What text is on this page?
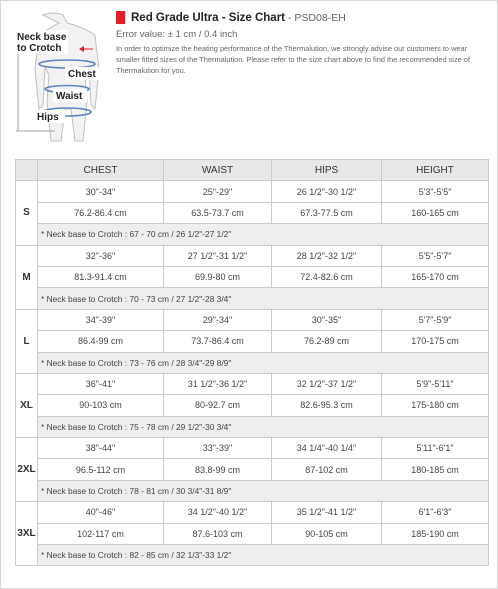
Neck base
to Crotch
Chest
Waist
Hips
Red Grade Ultra - Size Chart - PSD08-EH
Error value: ± 1 cm / 0.4 inch
In order to optimize the heating performance of the Thermalution, we strongly advise our customers to wear smaller fitted sizes of the Thermalution. Please refer to the size chart above to find the recommended size of Thermalution for you.
	CHEST	WAIST	HIPS	HEIGHT
S	30"-34"	25"-29"	26 1/2"-30 1/2"	5'3"-5'5"
	76.2-86.4 cm	63.5-73.7 cm	67.3-77.5 cm	160-165 cm
	* Neck base to Crotch : 67 - 70 cm / 26 1/2"-27 1/2"			
M	32"-36"	27 1/2"-31 1/2"	28 1/2"-32 1/2"	5'5"-5'7"
	81.3-91.4 cm	69.9-80 cm	72.4-82.6 cm	165-170 cm
	* Neck base to Crotch : 70 - 73 cm / 27 1/2"-28 3/4"			
L	34"-39"	29"-34"	30"-35"	5'7"-5'9"
	86.4-99 cm	73.7-86.4 cm	76.2-89 cm	170-175 cm
	* Neck base to Crotch : 73 - 76 cm / 28 3/4"-29 8/9"			
XL	36"-41"	31 1/2"-36 1/2"	32 1/2"-37 1/2"	5'9"-5'11"
	90-103 cm	80-92.7 cm	82.6-95.3 cm	175-180 cm
	* Neck base to Crotch : 75 - 78 cm / 29 1/2"-30 3/4"			
2XL	38"-44"	33"-39"	34 1/4"-40 1/4"	5'11"-6'1"
	96.5-112 cm	83.8-99 cm	87-102 cm	180-185 cm
	* Neck base to Crotch : 78 - 81 cm / 30 3/4"-31 8/9"			
3XL	40"-46"	34 1/2"-40 1/2"	35 1/2"-41 1/2"	6'1"-6'3"
	102-117 cm	87.6-103 cm	90-105 cm	185-190 cm
	* Neck base to Crotch : 82 - 85 cm / 32 1/3"-33 1/2"			
